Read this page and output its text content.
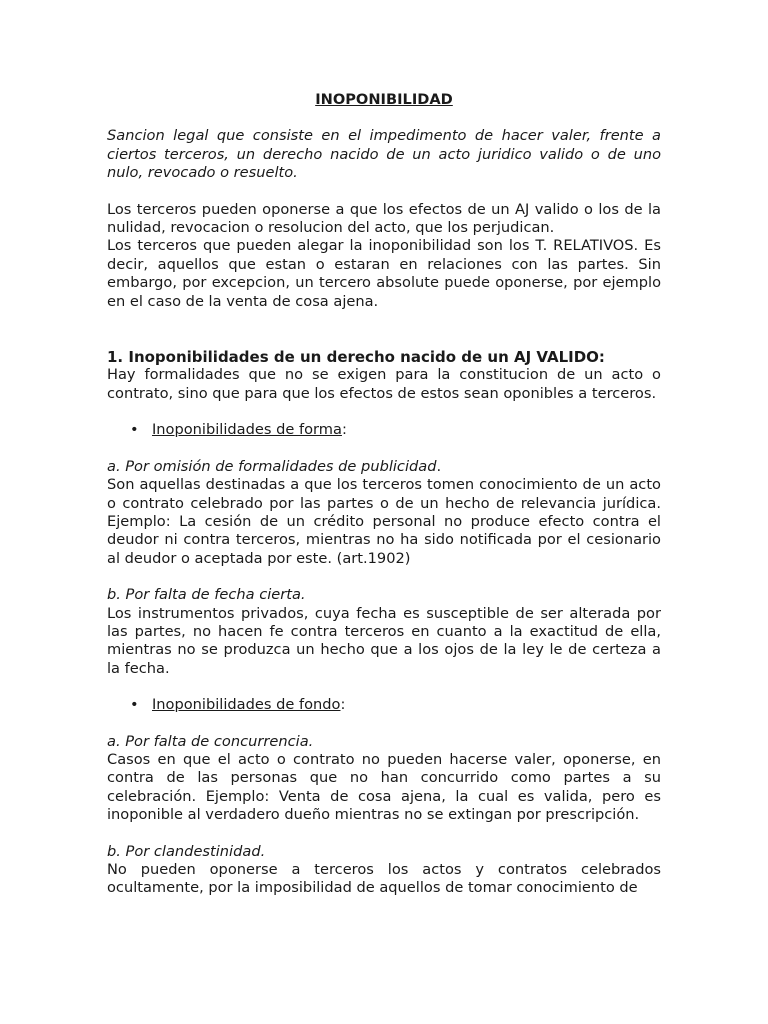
INOPONIBILIDAD

Sancion legal que consiste en el impedimento de hacer valer, frente a ciertos terceros, un derecho nacido de un acto juridico valido o de uno nulo, revocado o resuelto.

Los terceros pueden oponerse a que los efectos de un AJ valido o los de la nulidad, revocacion o resolucion del acto, que los perjudican.

Los terceros que pueden alegar la inoponibilidad son los T. RELATIVOS. Es decir, aquellos que estan o estaran en relaciones con las partes. Sin embargo, por excepcion, un tercero absolute puede oponerse, por ejemplo en el caso de la venta de cosa ajena.

1. Inoponibilidades de un derecho nacido de un AJ VALIDO:

Hay formalidades que no se exigen para la constitucion de un acto o contrato, sino que para que los efectos de estos sean oponibles a terceros.

• Inoponibilidades de forma:

a. Por omisión de formalidades de publicidad.

Son aquellas destinadas a que los terceros tomen conocimiento de un acto o contrato celebrado por las partes o de un hecho de relevancia jurídica. Ejemplo: La cesión de un crédito personal no produce efecto contra el deudor ni contra terceros, mientras no ha sido notificada por el cesionario al deudor o aceptada por este. (art.1902)

b. Por falta de fecha cierta.

Los instrumentos privados, cuya fecha es susceptible de ser alterada por las partes, no hacen fe contra terceros en cuanto a la exactitud de ella, mientras no se produzca un hecho que a los ojos de la ley le de certeza a la fecha.

• Inoponibilidades de fondo:

a. Por falta de concurrencia.

Casos en que el acto o contrato no pueden hacerse valer, oponerse, en contra de las personas que no han concurrido como partes a su celebración. Ejemplo: Venta de cosa ajena, la cual es valida, pero es inoponible al verdadero dueño mientras no se extingan por prescripción.

b. Por clandestinidad.

No pueden oponerse a terceros los actos y contratos celebrados ocultamente, por la imposibilidad de aquellos de tomar conocimiento de
